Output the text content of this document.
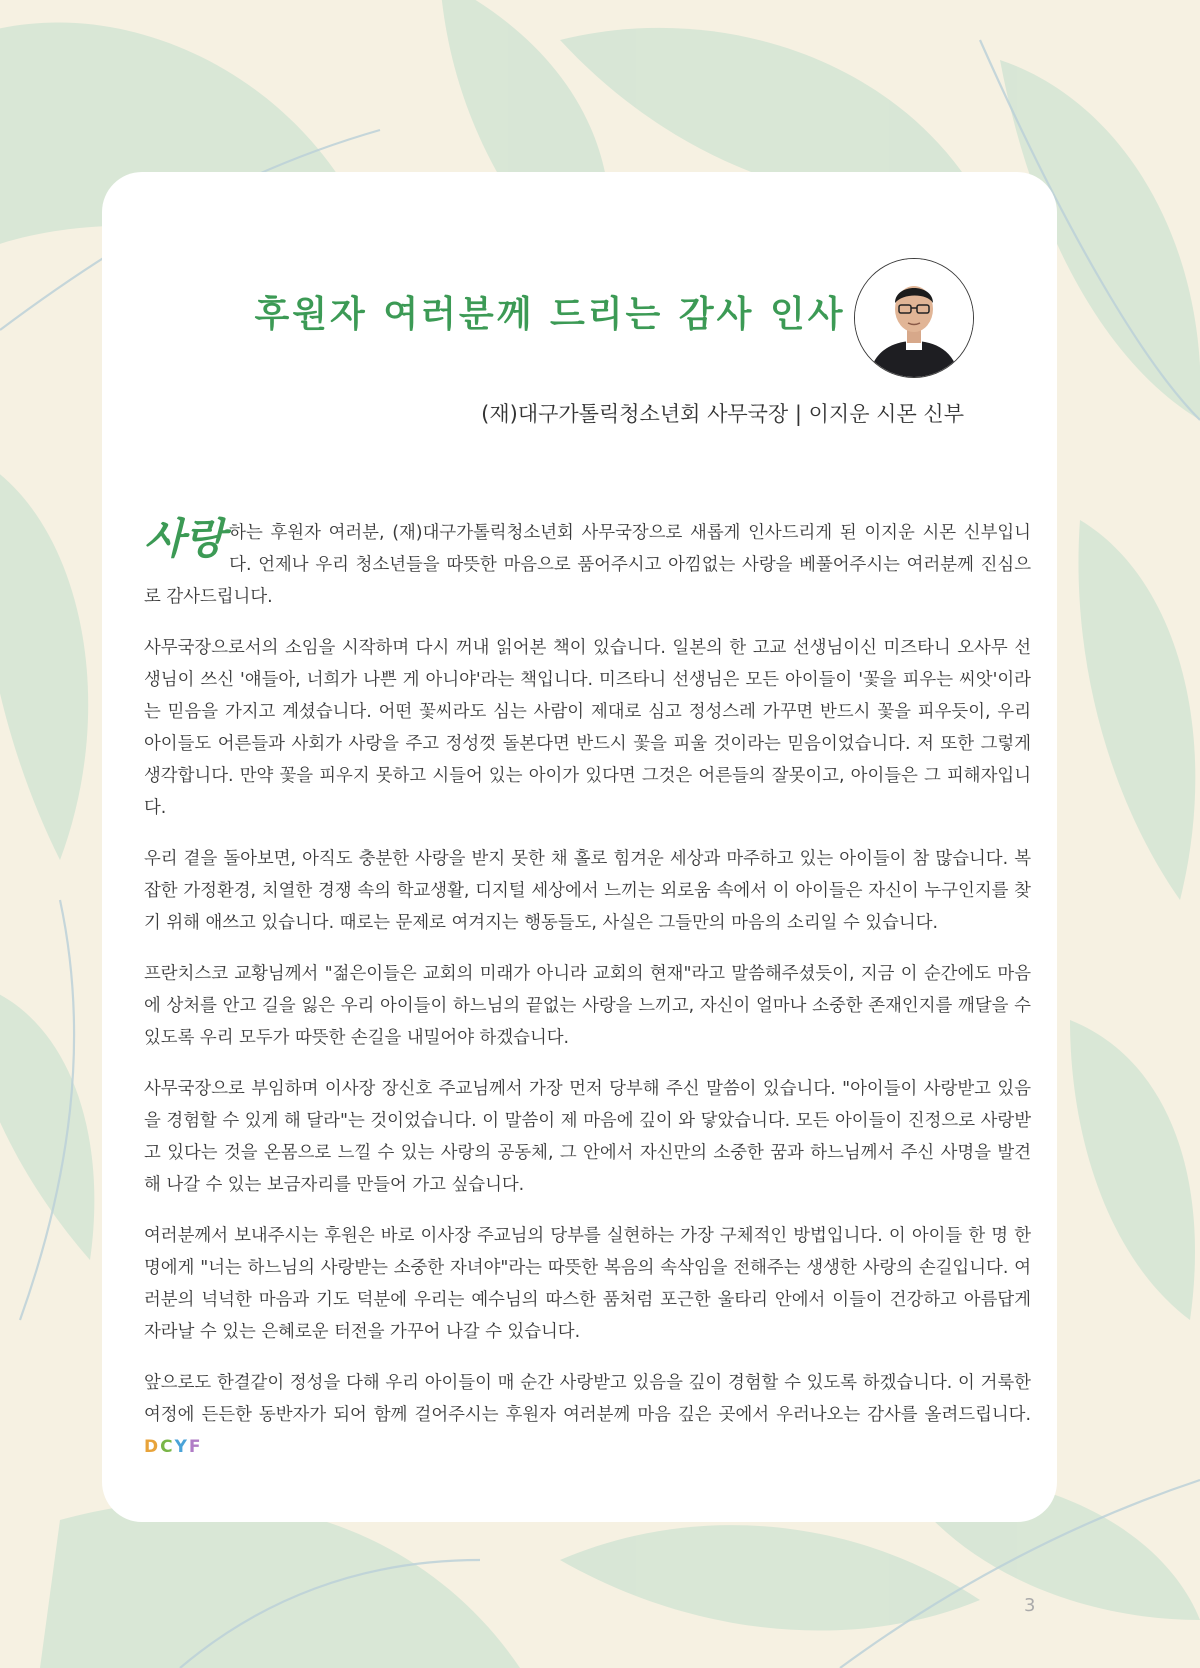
후원자 여러분께 드리는 감사 인사
(재)대구가톨릭청소년회 사무국장 | 이지운 시몬 신부

사랑 하는 후원자 여러분, (재)대구가톨릭청소년회 사무국장으로 새롭게 인사드리게 된 이지운 시몬 신부입니다. 언제나 우리 청소년들을 따뜻한 마음으로 품어주시고 아낌없는 사랑을 베풀어주시는 여러분께 진심으로 감사드립니다.

사무국장으로서의 소임을 시작하며 다시 꺼내 읽어본 책이 있습니다. 일본의 한 고교 선생님이신 미즈타니 오사무 선생님이 쓰신 '얘들아, 너희가 나쁜 게 아니야'라는 책입니다. 미즈타니 선생님은 모든 아이들이 '꽃을 피우는 씨앗'이라는 믿음을 가지고 계셨습니다. 어떤 꽃씨라도 심는 사람이 제대로 심고 정성스레 가꾸면 반드시 꽃을 피우듯이, 우리 아이들도 어른들과 사회가 사랑을 주고 정성껏 돌본다면 반드시 꽃을 피울 것이라는 믿음이었습니다. 저 또한 그렇게 생각합니다. 만약 꽃을 피우지 못하고 시들어 있는 아이가 있다면 그것은 어른들의 잘못이고, 아이들은 그 피해자입니다.

우리 곁을 돌아보면, 아직도 충분한 사랑을 받지 못한 채 홀로 힘겨운 세상과 마주하고 있는 아이들이 참 많습니다. 복잡한 가정환경, 치열한 경쟁 속의 학교생활, 디지털 세상에서 느끼는 외로움 속에서 이 아이들은 자신이 누구인지를 찾기 위해 애쓰고 있습니다. 때로는 문제로 여겨지는 행동들도, 사실은 그들만의 마음의 소리일 수 있습니다.

프란치스코 교황님께서 "젊은이들은 교회의 미래가 아니라 교회의 현재"라고 말씀해주셨듯이, 지금 이 순간에도 마음에 상처를 안고 길을 잃은 우리 아이들이 하느님의 끝없는 사랑을 느끼고, 자신이 얼마나 소중한 존재인지를 깨달을 수 있도록 우리 모두가 따뜻한 손길을 내밀어야 하겠습니다.

사무국장으로 부임하며 이사장 장신호 주교님께서 가장 먼저 당부해 주신 말씀이 있습니다. "아이들이 사랑받고 있음을 경험할 수 있게 해 달라"는 것이었습니다. 이 말씀이 제 마음에 깊이 와 닿았습니다. 모든 아이들이 진정으로 사랑받고 있다는 것을 온몸으로 느낄 수 있는 사랑의 공동체, 그 안에서 자신만의 소중한 꿈과 하느님께서 주신 사명을 발견해 나갈 수 있는 보금자리를 만들어 가고 싶습니다.

여러분께서 보내주시는 후원은 바로 이사장 주교님의 당부를 실현하는 가장 구체적인 방법입니다. 이 아이들 한 명 한 명에게 "너는 하느님의 사랑받는 소중한 자녀야"라는 따뜻한 복음의 속삭임을 전해주는 생생한 사랑의 손길입니다. 여러분의 넉넉한 마음과 기도 덕분에 우리는 예수님의 따스한 품처럼 포근한 울타리 안에서 이들이 건강하고 아름답게 자라날 수 있는 은혜로운 터전을 가꾸어 나갈 수 있습니다.

앞으로도 한결같이 정성을 다해 우리 아이들이 매 순간 사랑받고 있음을 깊이 경험할 수 있도록 하겠습니다. 이 거룩한 여정에 든든한 동반자가 되어 함께 걸어주시는 후원자 여러분께 마음 깊은 곳에서 우러나오는 감사를 올려드립니다. DCYF

3
